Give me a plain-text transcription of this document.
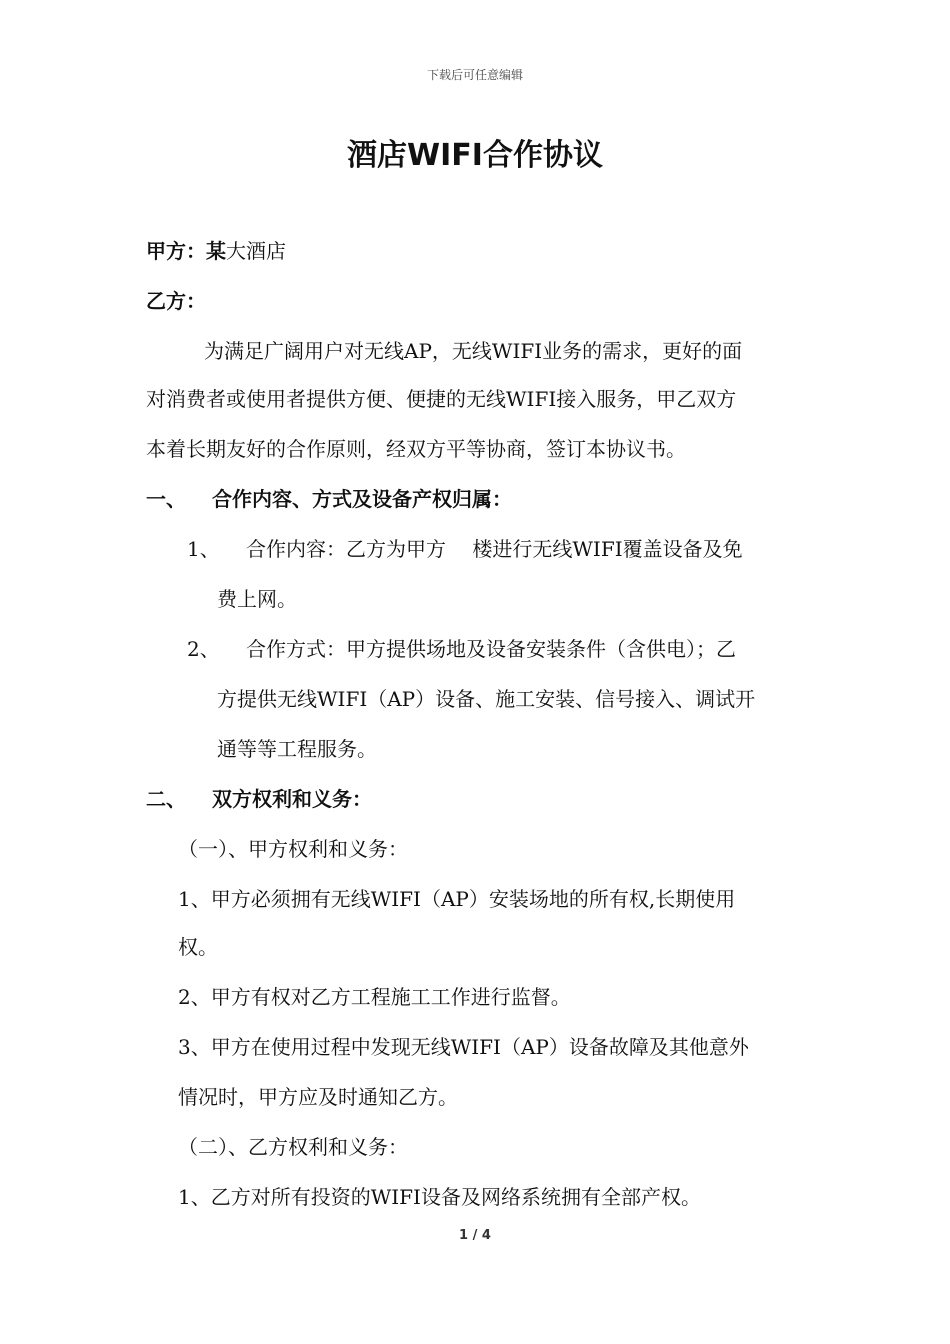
下载后可任意编辑
酒店WIFI合作协议
甲方：某大酒店
乙方：
为满足广阔用户对无线AP，无线WIFI业务的需求，更好的面
对消费者或使用者提供方便、便捷的无线WIFI接入服务，甲乙双方
本着长期友好的合作原则，经双方平等协商，签订本协议书。
一、 合作内容、方式及设备产权归属：
1、 合作内容：乙方为甲方　 楼进行无线WIFI覆盖设备及免
费上网。
2、 合作方式：甲方提供场地及设备安装条件（含供电）；乙
方提供无线WIFI（AP）设备、施工安装、信号接入、调试开
通等等工程服务。
二、 双方权利和义务：
（一）、甲方权利和义务：
1、甲方必须拥有无线WIFI（AP）安装场地的所有权,长期使用
权。
2、甲方有权对乙方工程施工工作进行监督。
3、甲方在使用过程中发现无线WIFI（AP）设备故障及其他意外
情况时，甲方应及时通知乙方。
（二）、乙方权利和义务：
1、乙方对所有投资的WIFI设备及网络系统拥有全部产权。
1 / 4
